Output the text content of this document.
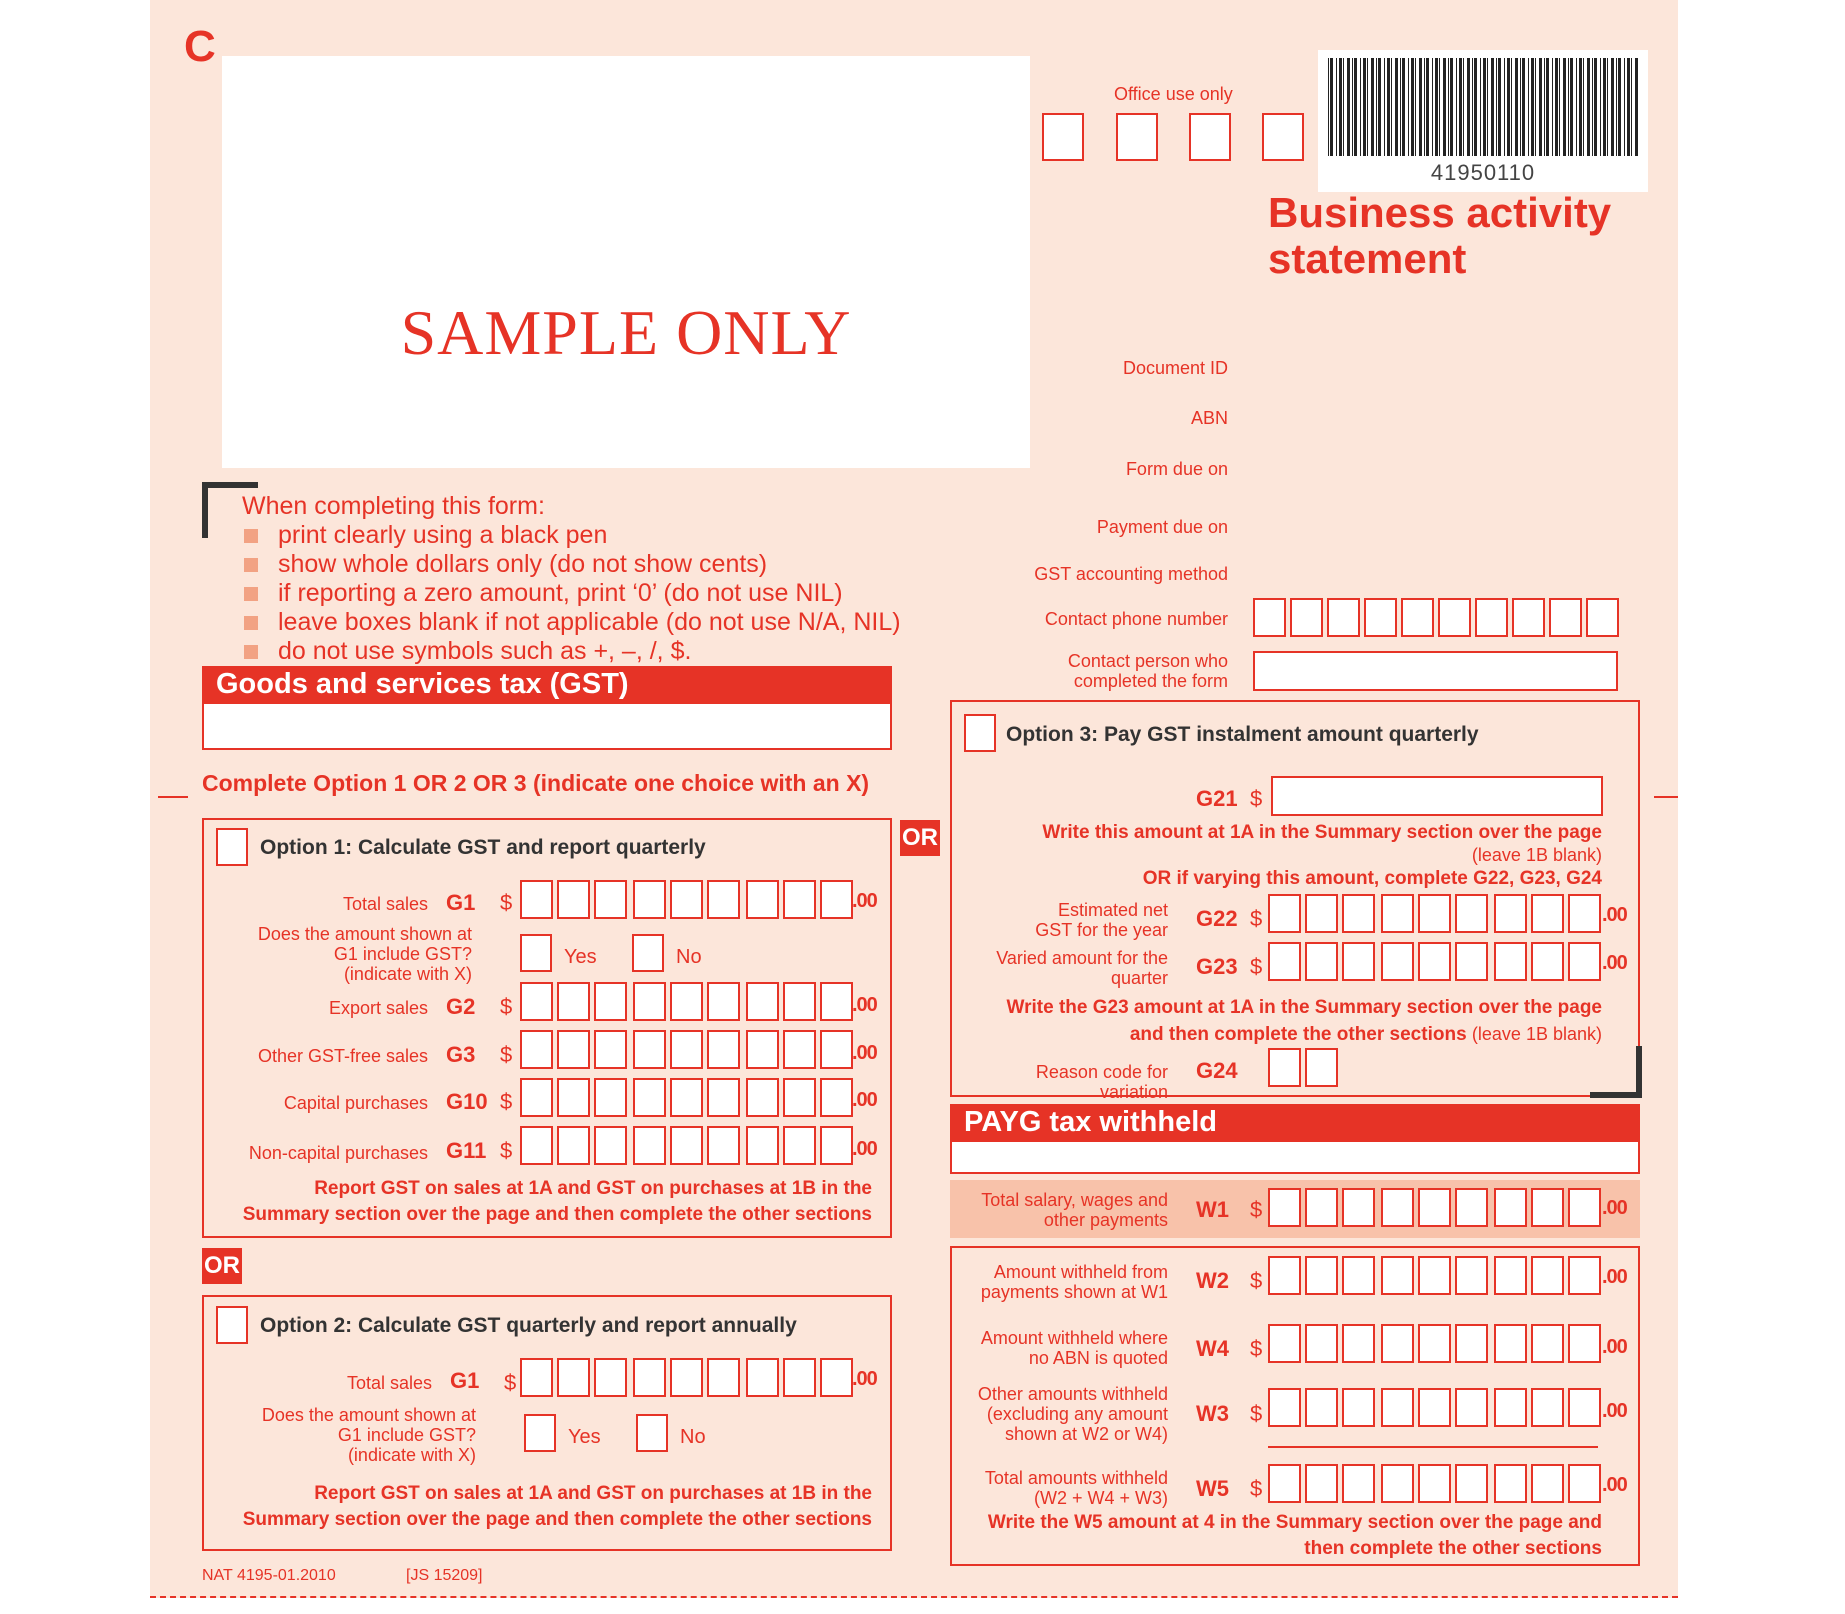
C
SAMPLE ONLY
Office use only
41950110
Business activity
statement
Document ID
ABN
Form due on
Payment due on
GST accounting method
Contact phone number
Contact person who
completed the form
When completing this form:
print clearly using a black pen
show whole dollars only (do not show cents)
if reporting a zero amount, print ‘0’ (do not use NIL)
leave boxes blank if not applicable (do not use N/A, NIL)
do not use symbols such as +, –, /, $.
Goods and services tax (GST)
Complete Option 1 OR 2 OR 3 (indicate one choice with an X)
Option 1: Calculate GST and report quarterly
Total sales G1 $	.00
Does the amount shown at
G1 include GST?
(indicate with X)
Yes	No
Export sales G2 $	.00
Other GST-free sales G3 $	.00
Capital purchases G10 $	.00
Non-capital purchases G11 $	.00
Report GST on sales at 1A and GST on purchases at 1B in the
Summary section over the page and then complete the other sections
OR
OR
Option 2: Calculate GST quarterly and report annually
Total sales G1 $	.00
Does the amount shown at
G1 include GST?
(indicate with X)
Yes	No
Report GST on sales at 1A and GST on purchases at 1B in the
Summary section over the page and then complete the other sections
Option 3: Pay GST instalment amount quarterly
G21 $
Write this amount at 1A in the Summary section over the page
(leave 1B blank)
OR if varying this amount, complete G22, G23, G24
Estimated net
GST for the year G22 $	.00
Varied amount for the
quarter G23 $	.00
Write the G23 amount at 1A in the Summary section over the page
and then complete the other sections (leave 1B blank)
Reason code for variation
G24
PAYG tax withheld
Total salary, wages and
other payments W1 $	.00
Amount withheld from
payments shown at W1 W2 $	.00
Amount withheld where
no ABN is quoted W4 $	.00
Other amounts withheld
(excluding any amount
shown at W2 or W4)
W3 $	.00
Total amounts withheld
(W2 + W4 + W3) W5 $	.00
Write the W5 amount at 4 in the Summary section over the page and
then complete the other sections
NAT 4195-01.2010	[JS 15209]
